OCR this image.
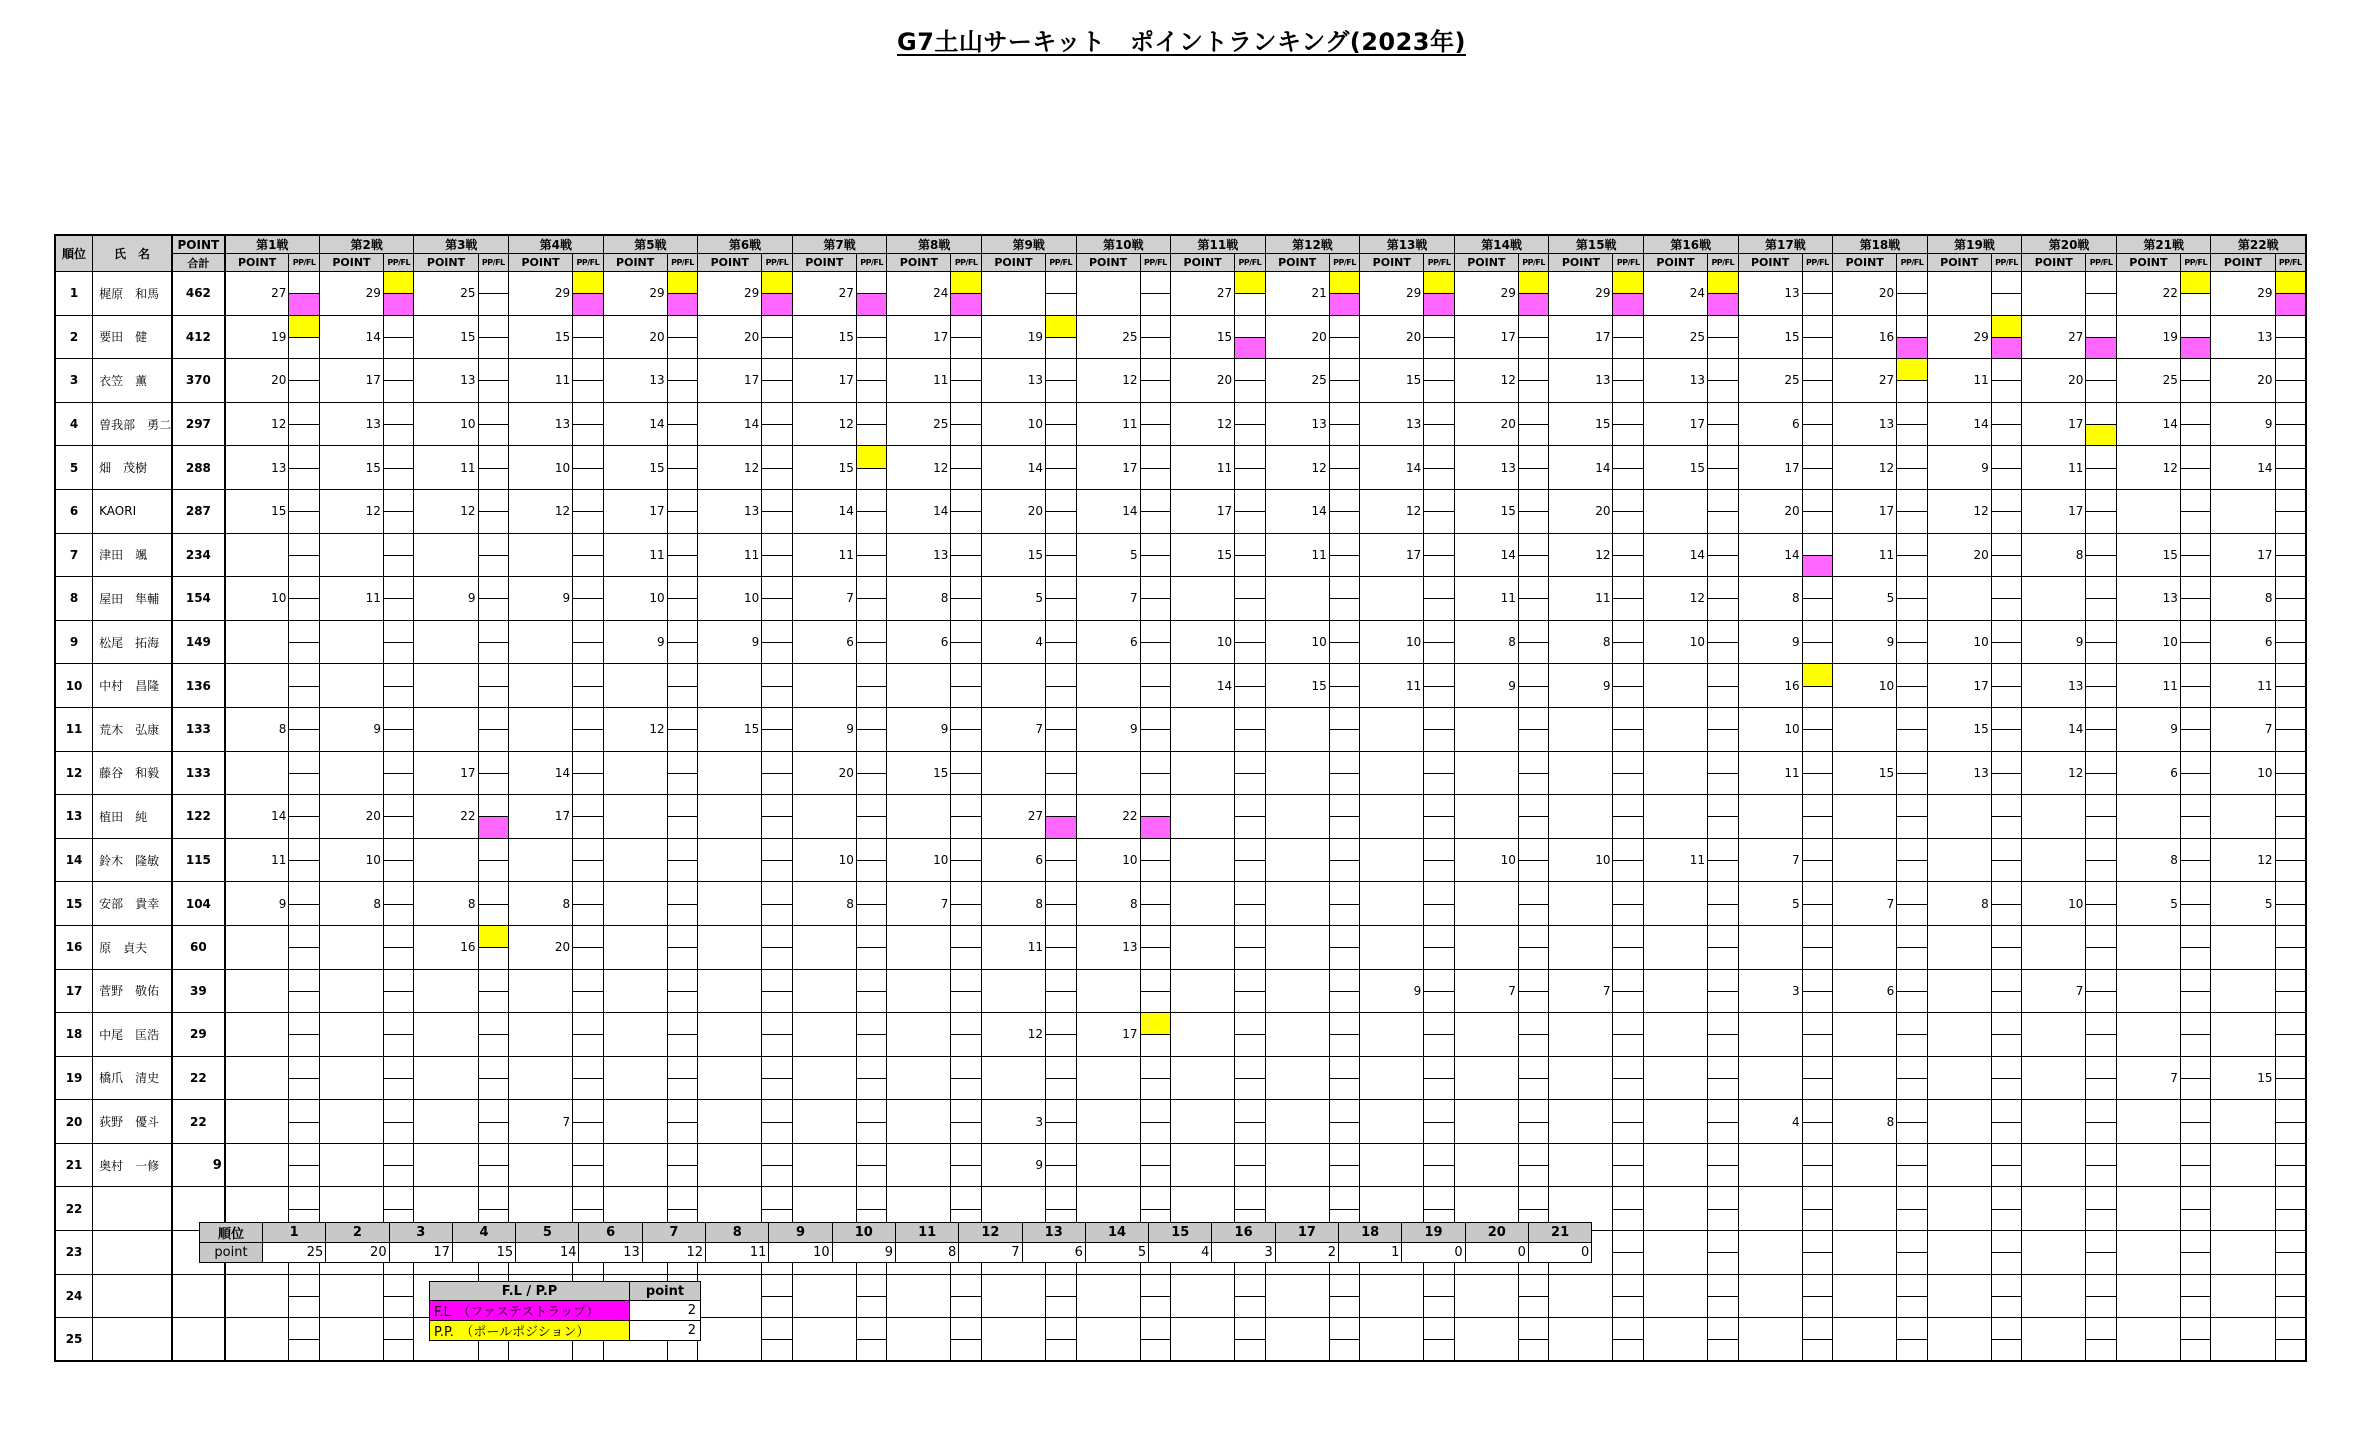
G7土山サーキット　ポイントランキング(2023年)
順位	氏　名	POINT	第1戦		第2戦		第3戦		第4戦		第5戦		第6戦		第7戦		第8戦		第9戦		第10戦		第11戦		第12戦		第13戦		第14戦		第15戦		第16戦		第17戦		第18戦		第19戦		第20戦		第21戦		第22戦	
		合計	POINT	PP/FL	POINT	PP/FL	POINT	PP/FL	POINT	PP/FL	POINT	PP/FL	POINT	PP/FL	POINT	PP/FL	POINT	PP/FL	POINT	PP/FL	POINT	PP/FL	POINT	PP/FL	POINT	PP/FL	POINT	PP/FL	POINT	PP/FL	POINT	PP/FL	POINT	PP/FL	POINT	PP/FL	POINT	PP/FL	POINT	PP/FL	POINT	PP/FL	POINT	PP/FL	POINT	PP/FL
1	梶原　和馬	462	27		29		25		29		29		29		27		24						27		21		29		29		29		24		13		20						22		29	

2	要田　健	412	19		14		15		15		20		20		15		17		19		25		15		20		20		17		17		25		15		16		29		27		19		13	

3	衣笠　薫	370	20		17		13		11		13		17		17		11		13		12		20		25		15		12		13		13		25		27		11		20		25		20	

4	曽我部　勇二	297	12		13		10		13		14		14		12		25		10		11		12		13		13		20		15		17		6		13		14		17		14		9	

5	畑　茂樹	288	13		15		11		10		15		12		15		12		14		17		11		12		14		13		14		15		17		12		9		11		12		14	

6	KAORI	287	15		12		12		12		17		13		14		14		20		14		17		14		12		15		20				20		17		12		17	

7	津田　颯	234									11		11		11		13		15		5		15		11		17		14		12		14		14		11		20		8		15		17	

8	屋田　隼輔	154	10		11		9		9		10		10		7		8		5		7								11		11		12		8		5						13		8	

9	松尾　拓海	149									9		9		6		6		4		6		10		10		10		8		8		10		9		9		10		9		10		6	

10	中村　昌隆	136																					14		15		11		9		9				16		10		17		13		11		11	

11	荒木　弘康	133	8		9						12		15		9		9		7		9														10				15		14		9		7	

12	藤谷　和毅	133					17		14						20		15																		11		15		13		12		6		10	

13	植田　純	122	14		20		22		17										27		22	

14	鈴木　隆敏	115	11		10										10		10		6		10								10		10		11		7								8		12	

15	安部　貴幸	104	9		8		8		8						8		7		8		8														5		7		8		10		5		5	

16	原　貞夫	60					16		20										11		13	

17	菅野　敬佑	39																									9		7		7				3		6				7	

18	中尾　匡浩	29																	12		17	

19	橋爪　清史	22																																									7		15	

20	荻野　優斗	22							7										3																4		8	

21	奥村　一修	9																	9	

22				

23				

24				

25				

順位	1	2	3	4	5	6	7	8	9	10	11	12	13	14	15	16	17	18	19	20	21
point	25	20	17	15	14	13	12	11	10	9	8	7	6	5	4	3	2	1	0	0	0
F.L / P.P	point
F.L　（ファステストラップ）	2
P.P.　（ポールポジション）	2
